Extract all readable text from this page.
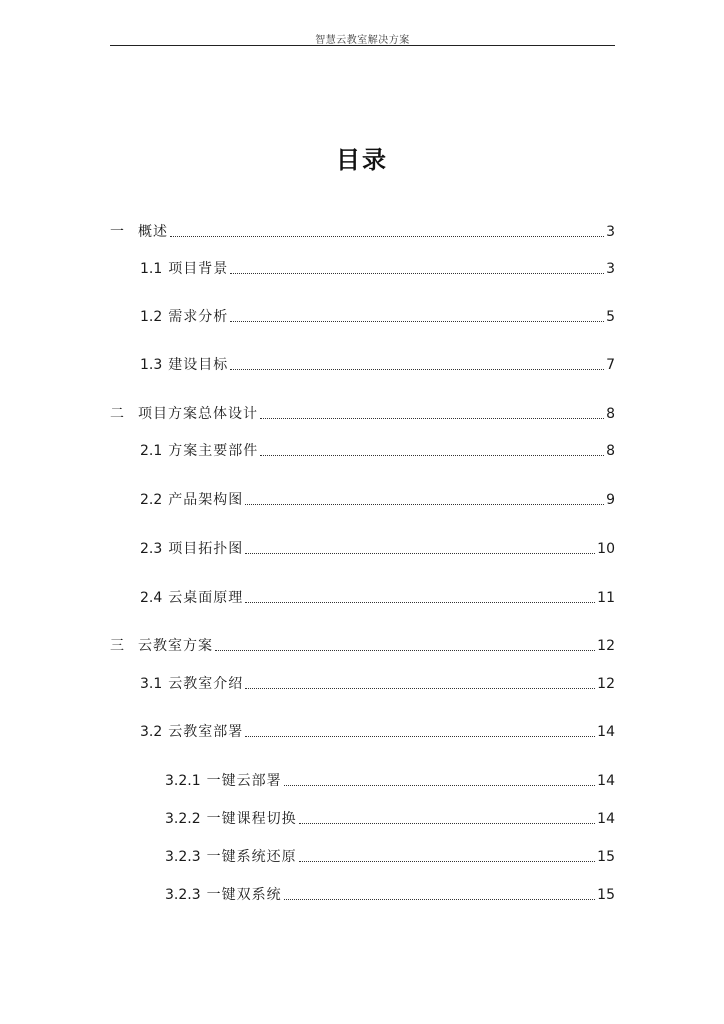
智慧云教室解决方案
目录
一 概述	3
1.1 项目背景	3
1.2 需求分析	5
1.3 建设目标	7
二 项目方案总体设计	8
2.1 方案主要部件	8
2.2 产品架构图	9
2.3 项目拓扑图	10
2.4 云桌面原理	11
三 云教室方案	12
3.1 云教室介绍	12
3.2 云教室部署	14
3.2.1 一键云部署	14
3.2.2 一键课程切换	14
3.2.3 一键系统还原	15
3.2.3 一键双系统	15
